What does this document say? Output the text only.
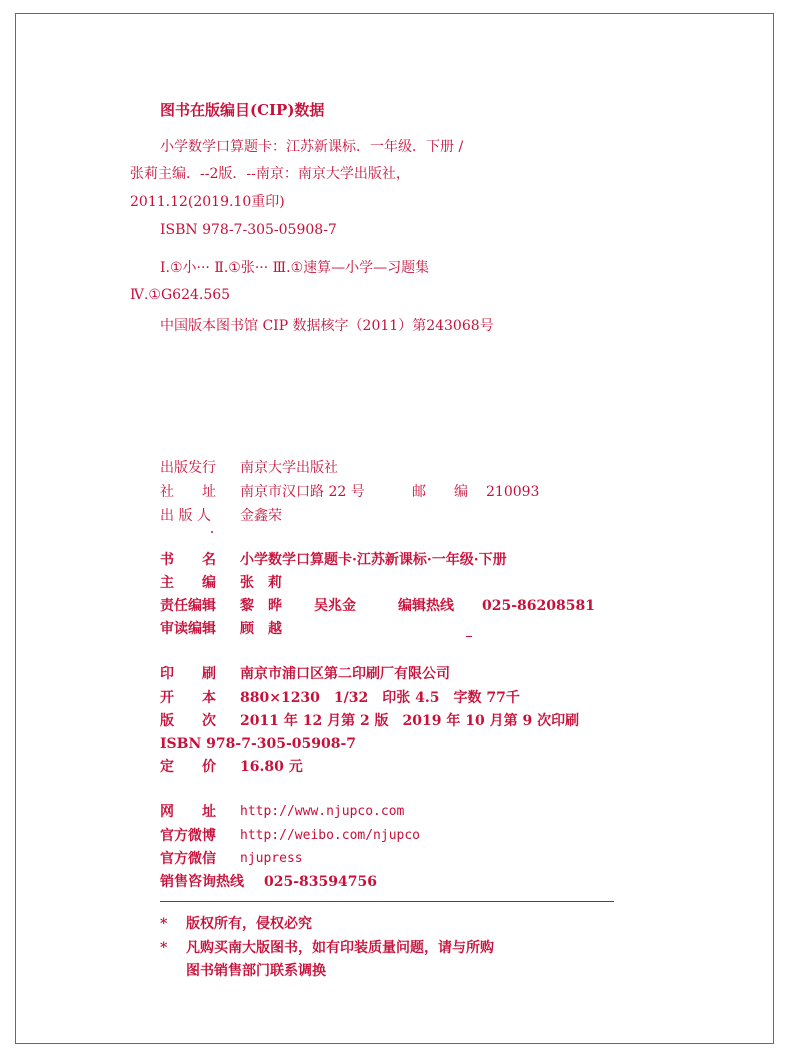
图书在版编目(CIP)数据
小学数学口算题卡：江苏新课标．一年级．下册 /
张莉主编．--2版．--南京：南京大学出版社，
2011.12(2019.10重印)
ISBN 978-7-305-05908-7
Ⅰ.①小··· Ⅱ.①张··· Ⅲ.①速算—小学—习题集
Ⅳ.①G624.565
中国版本图书馆 CIP 数据核字（2011）第243068号
出版发行 南京大学出版社
社　　址 南京市汉口路 22 号	邮　　编 210093
出 版 人 金鑫荣
书　　名 小学数学口算题卡·江苏新课标·一年级·下册
主　　编 张　莉
责任编辑 黎　晔 吴兆金	编辑热线 025-86208581
审读编辑 顾　越
印　　刷 南京市浦口区第二印刷厂有限公司
开　　本 880×1230　1/32　印张 4.5　字数 77千
版　　次 2011 年 12 月第 2 版　2019 年 10 月第 9 次印刷
ISBN 978-7-305-05908-7
定　　价 16.80 元
网　　址 http://www.njupco.com
官方微博 http://weibo.com/njupco
官方微信 njupress
销售咨询热线 025-83594756
* 版权所有，侵权必究
* 凡购买南大版图书，如有印装质量问题，请与所购
图书销售部门联系调换
